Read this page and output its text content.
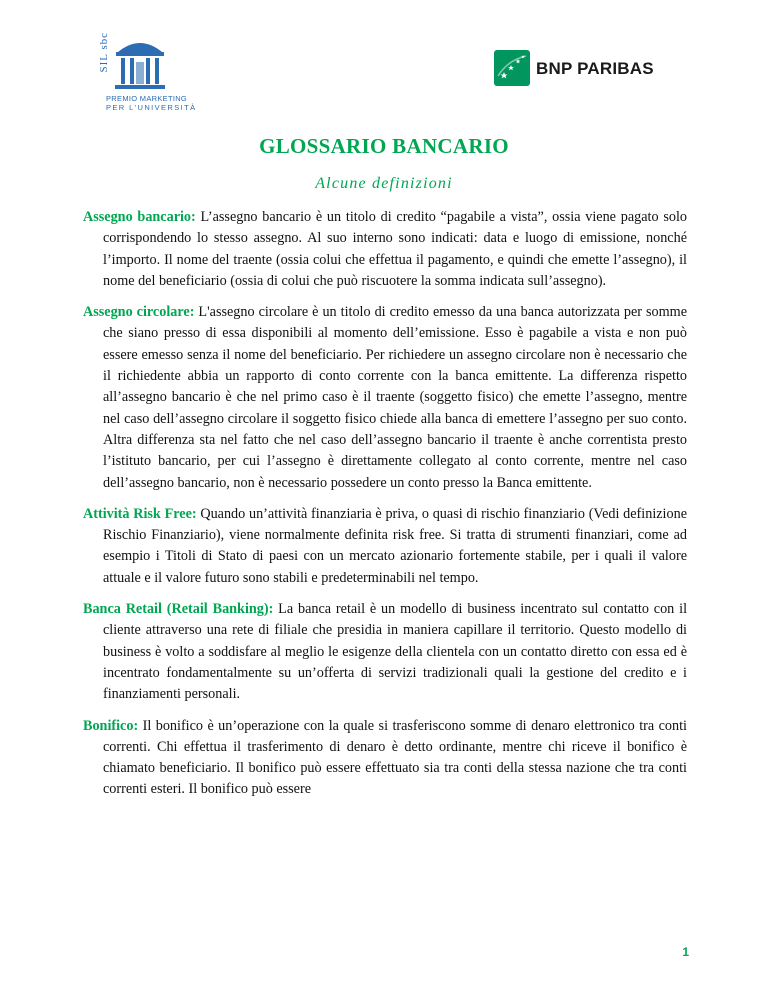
SIL sbc
PREMIO MARKETING
PER L'UNIVERSITÀ
BNP PARIBAS
GLOSSARIO BANCARIO
Alcune definizioni

Assegno bancario: L’assegno bancario è un titolo di credito “pagabile a vista”, ossia viene pagato solo corrispondendo lo stesso assegno. Al suo interno sono indicati: data e luogo di emissione, nonché l’importo. Il nome del traente (ossia colui che effettua il pagamento, e quindi che emette l’assegno), il nome del beneficiario (ossia di colui che può riscuotere la somma indicata sull’assegno).

Assegno circolare: L'assegno circolare è un titolo di credito emesso da una banca autorizzata per somme che siano presso di essa disponibili al momento dell’emissione. Esso è pagabile a vista e non può essere emesso senza il nome del beneficiario. Per richiedere un assegno circolare non è necessario che il richiedente abbia un rapporto di conto corrente con la banca emittente. La differenza rispetto all’assegno bancario è che nel primo caso è il traente (soggetto fisico) che emette l’assegno, mentre nel caso dell’assegno circolare il soggetto fisico chiede alla banca di emettere l’assegno per suo conto. Altra differenza sta nel fatto che nel caso dell’assegno bancario il traente è anche correntista presto l’istituto bancario, per cui l’assegno è direttamente collegato al conto corrente, mentre nel caso dell’assegno bancario, non è necessario possedere un conto presso la Banca emittente.

Attività Risk Free: Quando un’attività finanziaria è priva, o quasi di rischio finanziario (Vedi definizione Rischio Finanziario), viene normalmente definita risk free. Si tratta di strumenti finanziari, come ad esempio i Titoli di Stato di paesi con un mercato azionario fortemente stabile, per i quali il valore attuale e il valore futuro sono stabili e predeterminabili nel tempo.

Banca Retail (Retail Banking): La banca retail è un modello di business incentrato sul contatto con il cliente attraverso una rete di filiale che presidia in maniera capillare il territorio. Questo modello di business è volto a soddisfare al meglio le esigenze della clientela con un contatto diretto con essa ed è incentrato fondamentalmente su un’offerta di servizi tradizionali quali la gestione del credito e i finanziamenti personali.

Bonifico: Il bonifico è un’operazione con la quale si trasferiscono somme di denaro elettronico tra conti correnti. Chi effettua il trasferimento di denaro è detto ordinante, mentre chi riceve il bonifico è chiamato beneficiario. Il bonifico può essere effettuato sia tra conti della stessa nazione che tra conti correnti esteri. Il bonifico può essere

1
